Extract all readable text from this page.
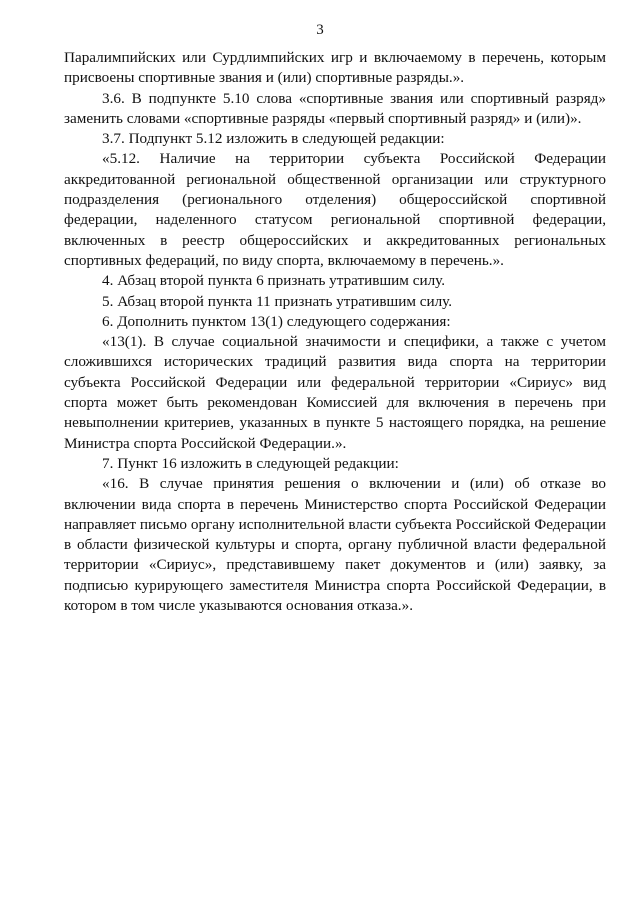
3

Паралимпийских или Сурдлимпийских игр и включаемому в перечень, которым присвоены спортивные звания и (или) спортивные разряды.».

3.6. В подпункте 5.10 слова «спортивные звания или спортивный разряд» заменить словами «спортивные разряды «первый спортивный разряд» и (или)».

3.7. Подпункт 5.12 изложить в следующей редакции:

«5.12. Наличие на территории субъекта Российской Федерации аккредитованной региональной общественной организации или структурного подразделения (регионального отделения) общероссийской спортивной федерации, наделенного статусом региональной спортивной федерации, включенных в реестр общероссийских и аккредитованных региональных спортивных федераций, по виду спорта, включаемому в перечень.».

4. Абзац второй пункта 6 признать утратившим силу.

5. Абзац второй пункта 11 признать утратившим силу.

6. Дополнить пунктом 13(1) следующего содержания:

«13(1). В случае социальной значимости и специфики, а также с учетом сложившихся исторических традиций развития вида спорта на территории субъекта Российской Федерации или федеральной территории «Сириус» вид спорта может быть рекомендован Комиссией для включения в перечень при невыполнении критериев, указанных в пункте 5 настоящего порядка, на решение Министра спорта Российской Федерации.».

7. Пункт 16 изложить в следующей редакции:

«16. В случае принятия решения о включении и (или) об отказе во включении вида спорта в перечень Министерство спорта Российской Федерации направляет письмо органу исполнительной власти субъекта Российской Федерации в области физической культуры и спорта, органу публичной власти федеральной территории «Сириус», представившему пакет документов и (или) заявку, за подписью курирующего заместителя Министра спорта Российской Федерации, в котором в том числе указываются основания отказа.».
